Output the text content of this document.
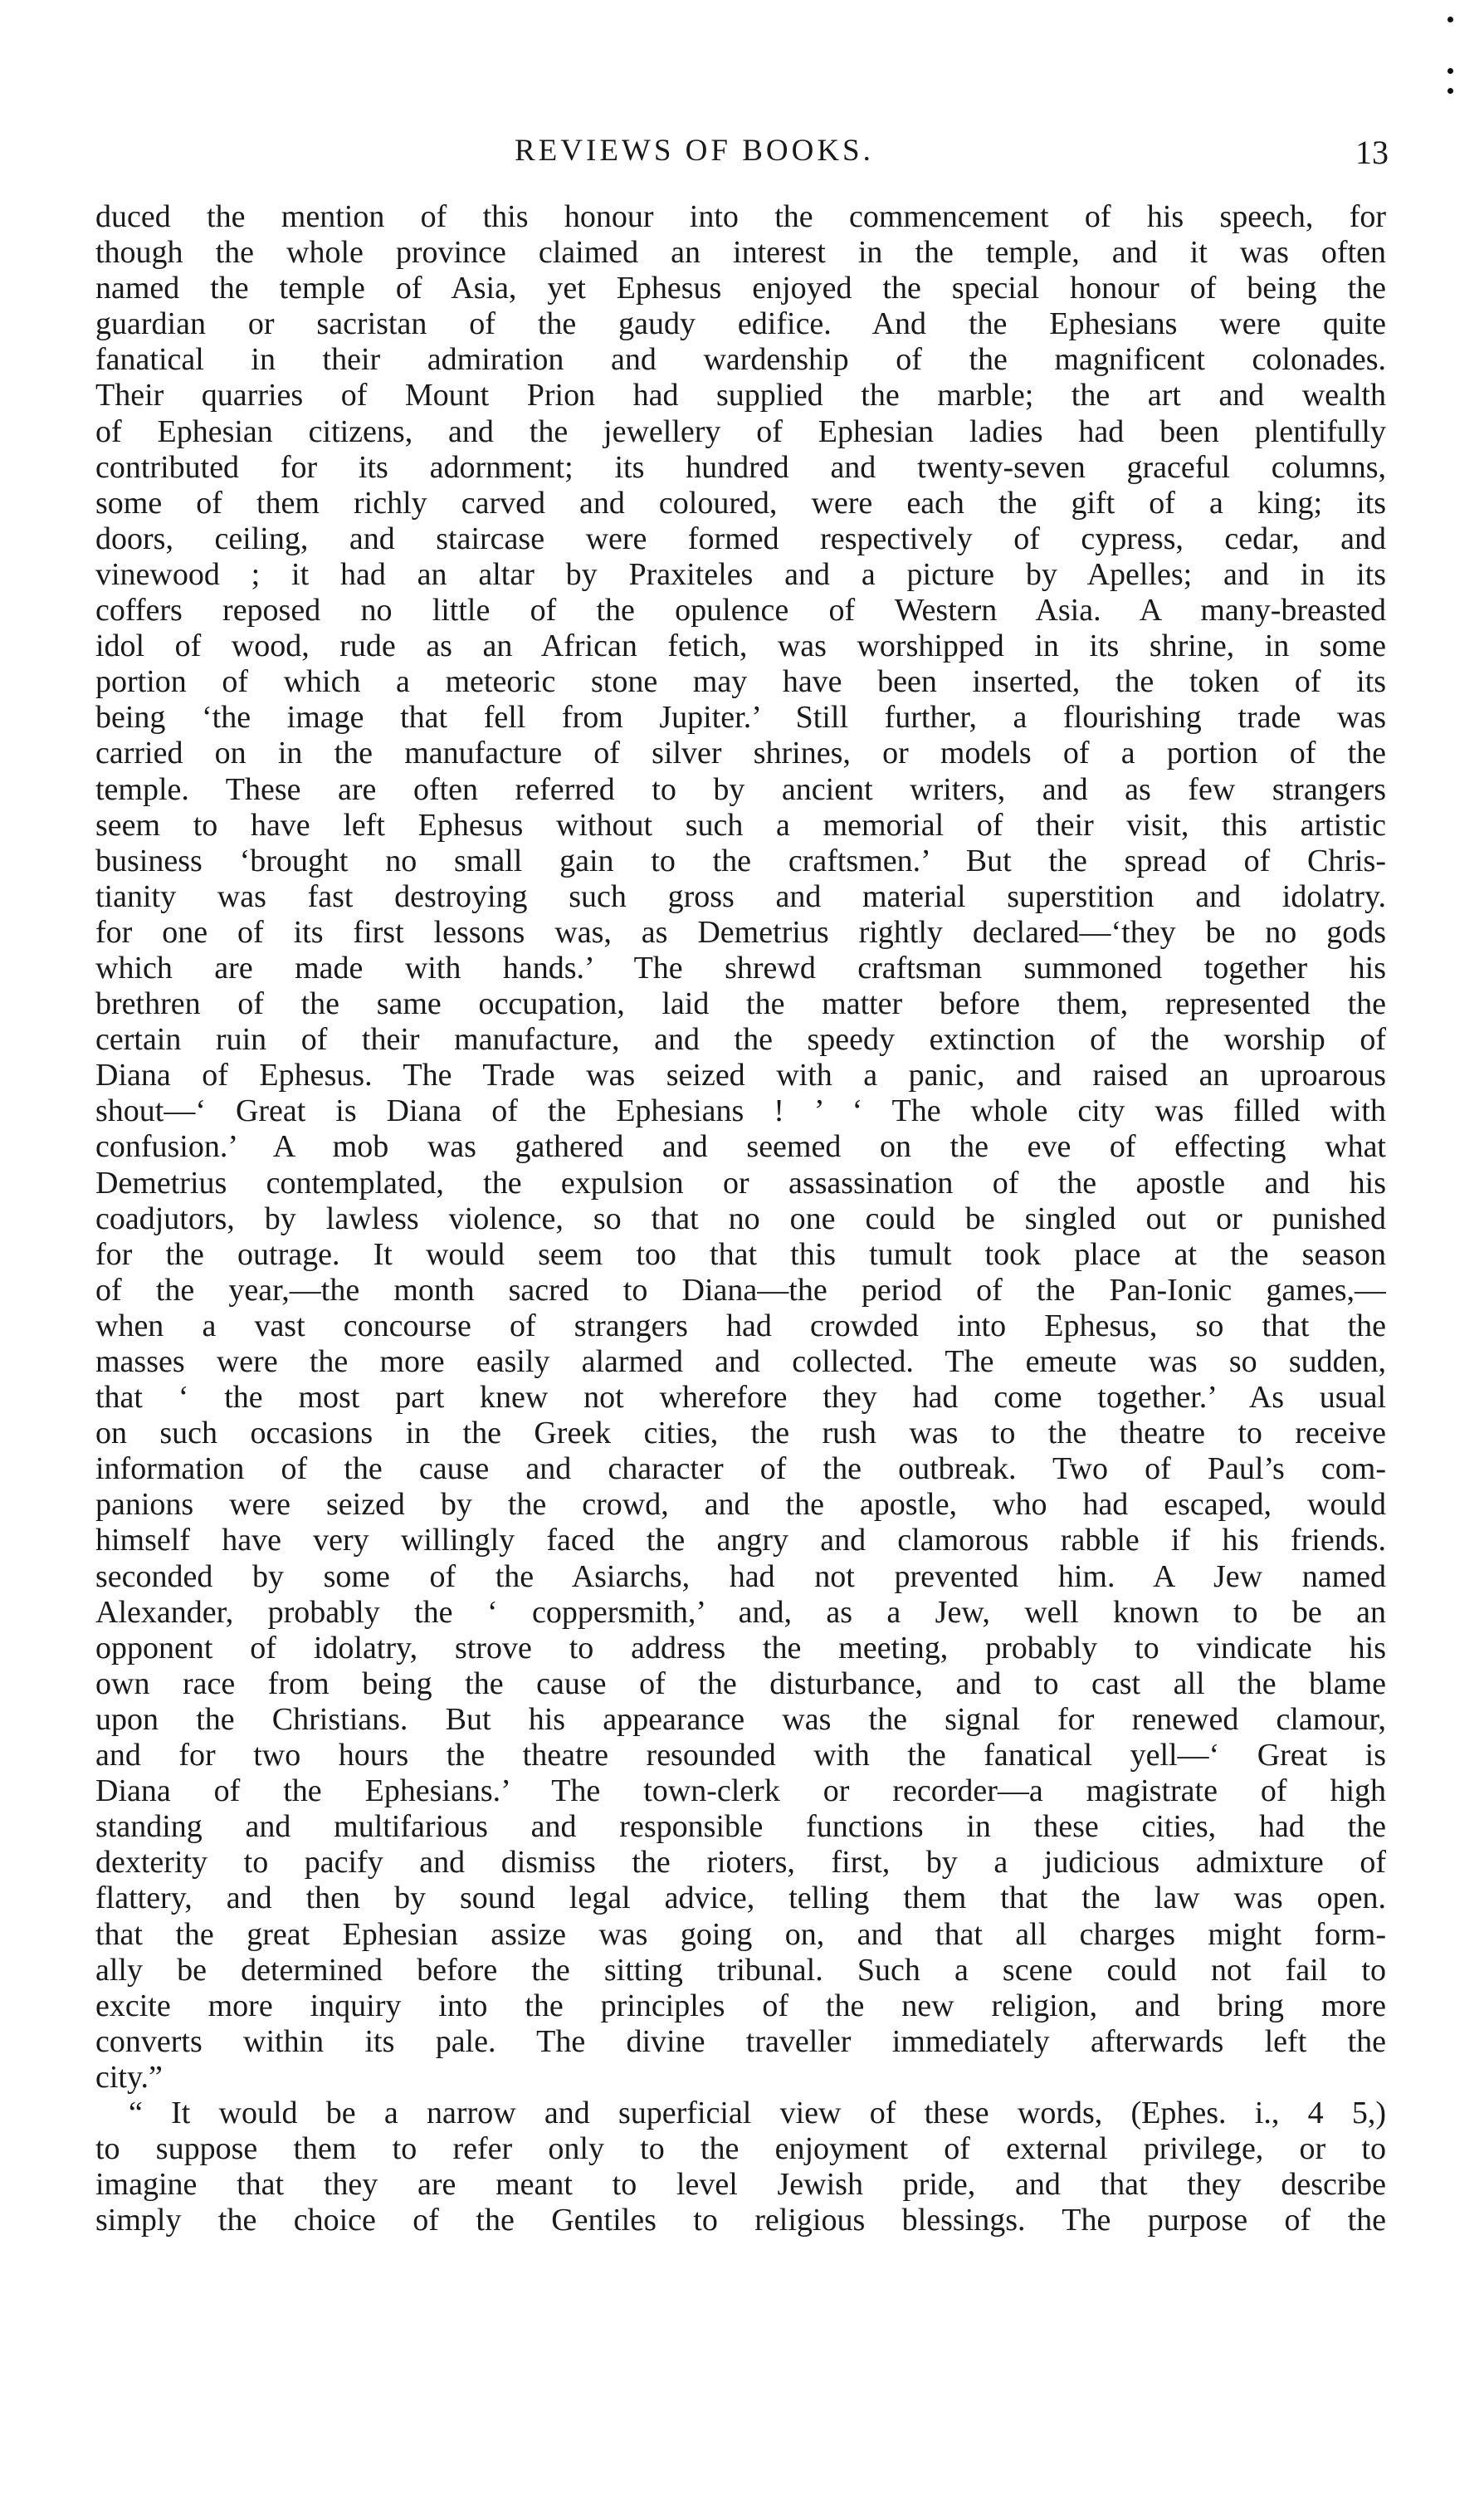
REVIEWS OF BOOKS.	13
duced the mention of this honour into the commencement of his speech, for
though the whole province claimed an interest in the temple, and it was often
named the temple of Asia, yet Ephesus enjoyed the special honour of being the
guardian or sacristan of the gaudy edifice. And the Ephesians were quite
fanatical in their admiration and wardenship of the magnificent colonades.
Their quarries of Mount Prion had supplied the marble; the art and wealth
of Ephesian citizens, and the jewellery of Ephesian ladies had been plentifully
contributed for its adornment; its hundred and twenty-seven graceful columns,
some of them richly carved and coloured, were each the gift of a king; its
doors, ceiling, and staircase were formed respectively of cypress, cedar, and
vinewood ; it had an altar by Praxiteles and a picture by Apelles; and in its
coffers reposed no little of the opulence of Western Asia. A many-breasted
idol of wood, rude as an African fetich, was worshipped in its shrine, in some
portion of which a meteoric stone may have been inserted, the token of its
being ‘the image that fell from Jupiter.’ Still further, a flourishing trade was
carried on in the manufacture of silver shrines, or models of a portion of the
temple. These are often referred to by ancient writers, and as few strangers
seem to have left Ephesus without such a memorial of their visit, this artistic
business ‘brought no small gain to the craftsmen.’ But the spread of Chris-
tianity was fast destroying such gross and material superstition and idolatry.
for one of its first lessons was, as Demetrius rightly declared—‘they be no gods
which are made with hands.’ The shrewd craftsman summoned together his
brethren of the same occupation, laid the matter before them, represented the
certain ruin of their manufacture, and the speedy extinction of the worship of
Diana of Ephesus. The Trade was seized with a panic, and raised an uproarous
shout—‘ Great is Diana of the Ephesians ! ’ ‘ The whole city was filled with
confusion.’ A mob was gathered and seemed on the eve of effecting what
Demetrius contemplated, the expulsion or assassination of the apostle and his
coadjutors, by lawless violence, so that no one could be singled out or punished
for the outrage. It would seem too that this tumult took place at the season
of the year,—the month sacred to Diana—the period of the Pan-Ionic games,—
when a vast concourse of strangers had crowded into Ephesus, so that the
masses were the more easily alarmed and collected. The emeute was so sudden,
that ‘ the most part knew not wherefore they had come together.’ As usual
on such occasions in the Greek cities, the rush was to the theatre to receive
information of the cause and character of the outbreak. Two of Paul’s com-
panions were seized by the crowd, and the apostle, who had escaped, would
himself have very willingly faced the angry and clamorous rabble if his friends.
seconded by some of the Asiarchs, had not prevented him. A Jew named
Alexander, probably the ‘ coppersmith,’ and, as a Jew, well known to be an
opponent of idolatry, strove to address the meeting, probably to vindicate his
own race from being the cause of the disturbance, and to cast all the blame
upon the Christians. But his appearance was the signal for renewed clamour,
and for two hours the theatre resounded with the fanatical yell—‘ Great is
Diana of the Ephesians.’ The town-clerk or recorder—a magistrate of high
standing and multifarious and responsible functions in these cities, had the
dexterity to pacify and dismiss the rioters, first, by a judicious admixture of
flattery, and then by sound legal advice, telling them that the law was open.
that the great Ephesian assize was going on, and that all charges might form-
ally be determined before the sitting tribunal. Such a scene could not fail to
excite more inquiry into the principles of the new religion, and bring more
converts within its pale. The divine traveller immediately afterwards left the
city.”
“ It would be a narrow and superficial view of these words, (Ephes. i., 4 5,)
to suppose them to refer only to the enjoyment of external privilege, or to
imagine that they are meant to level Jewish pride, and that they describe
simply the choice of the Gentiles to religious blessings. The purpose of the
